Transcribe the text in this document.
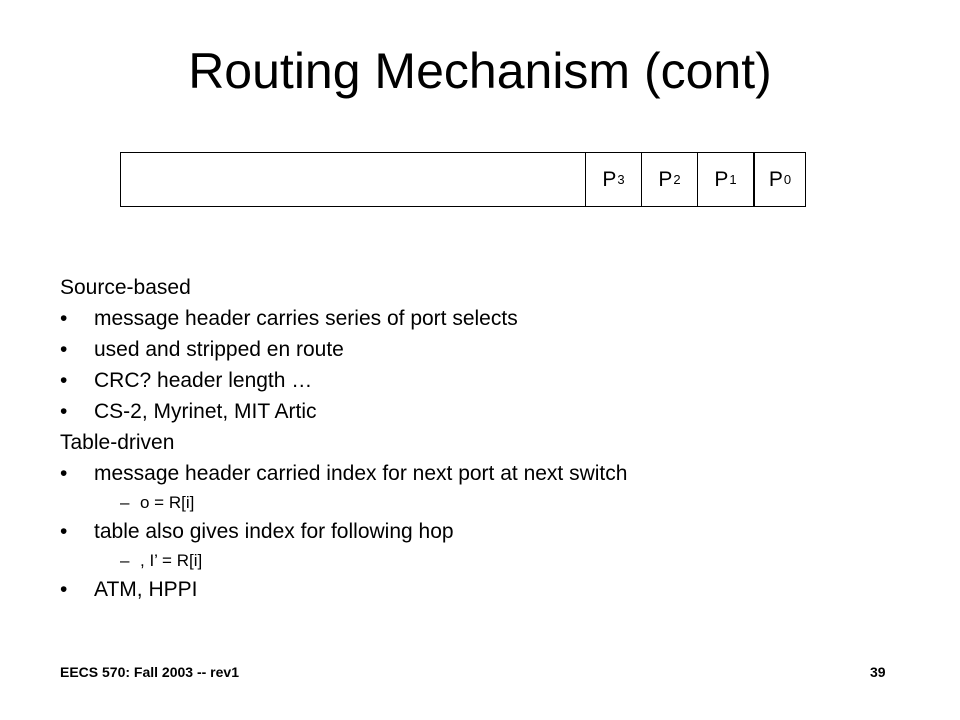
Routing Mechanism (cont)
P 3 P 2 P 1 P 0
Source-based
• message header carries series of port selects
• used and stripped en route
• CRC? header length …
• CS-2, Myrinet, MIT Artic
Table-driven
• message header carried index for next port at next switch
– o = R[i]
• table also gives index for following hop
– , I’ = R[i]
• ATM, HPPI
EECS 570: Fall 2003 -- rev1	39
